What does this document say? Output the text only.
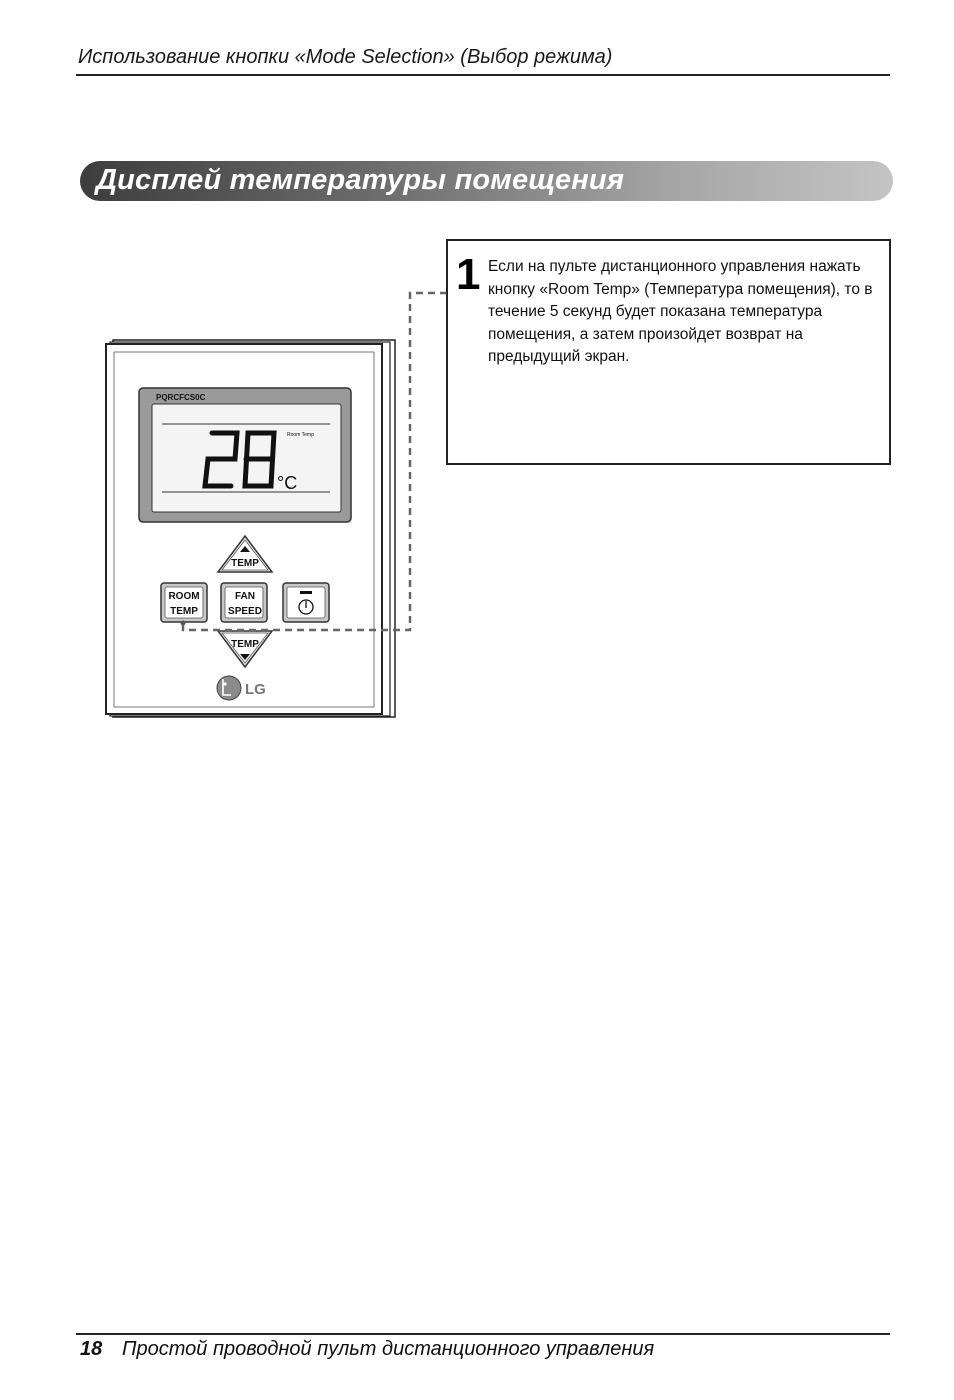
Использование кнопки «Mode Selection» (Выбор режима)
Дисплей температуры помещения
PQRCFCS0C
Room Temp
°C
TEMP
ROOM
TEMP
FAN
SPEED
TEMP
LG
1 Если на пульте дистанционного управления нажать кнопку «Room Temp» (Температура помещения), то в течение 5 секунд будет показана температура помещения, а затем произойдет возврат на предыдущий экран.
18 Простой проводной пульт дистанционного управления
